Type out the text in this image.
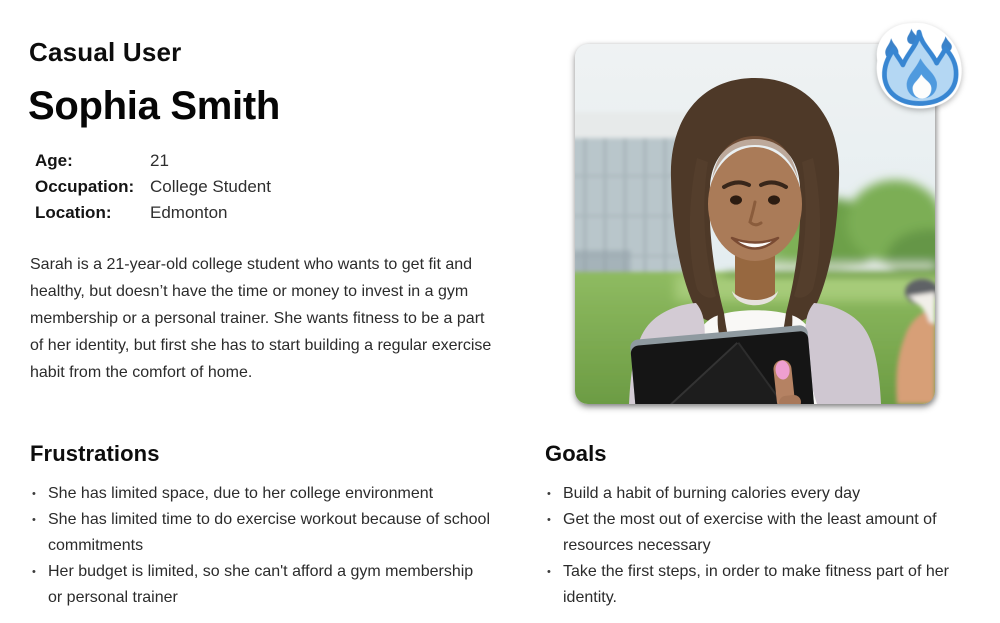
Casual User
Sophia Smith
Age:	21
Occupation: College Student
Location:	Edmonton
Sarah is a 21-year-old college student who wants to get fit and healthy, but doesn’t have the time or money to invest in a gym membership or a personal trainer. She wants fitness to be a part of her identity, but first she has to start building a regular exercise habit from the comfort of home.
Frustrations
• She has limited space, due to her college environment
• She has limited time to do exercise workout because of school commitments
• Her budget is limited, so she can't afford a gym membership or personal trainer
Goals
• Build a habit of burning calories every day
• Get the most out of exercise with the least amount of resources necessary
• Take the first steps, in order to make fitness part of her identity.
